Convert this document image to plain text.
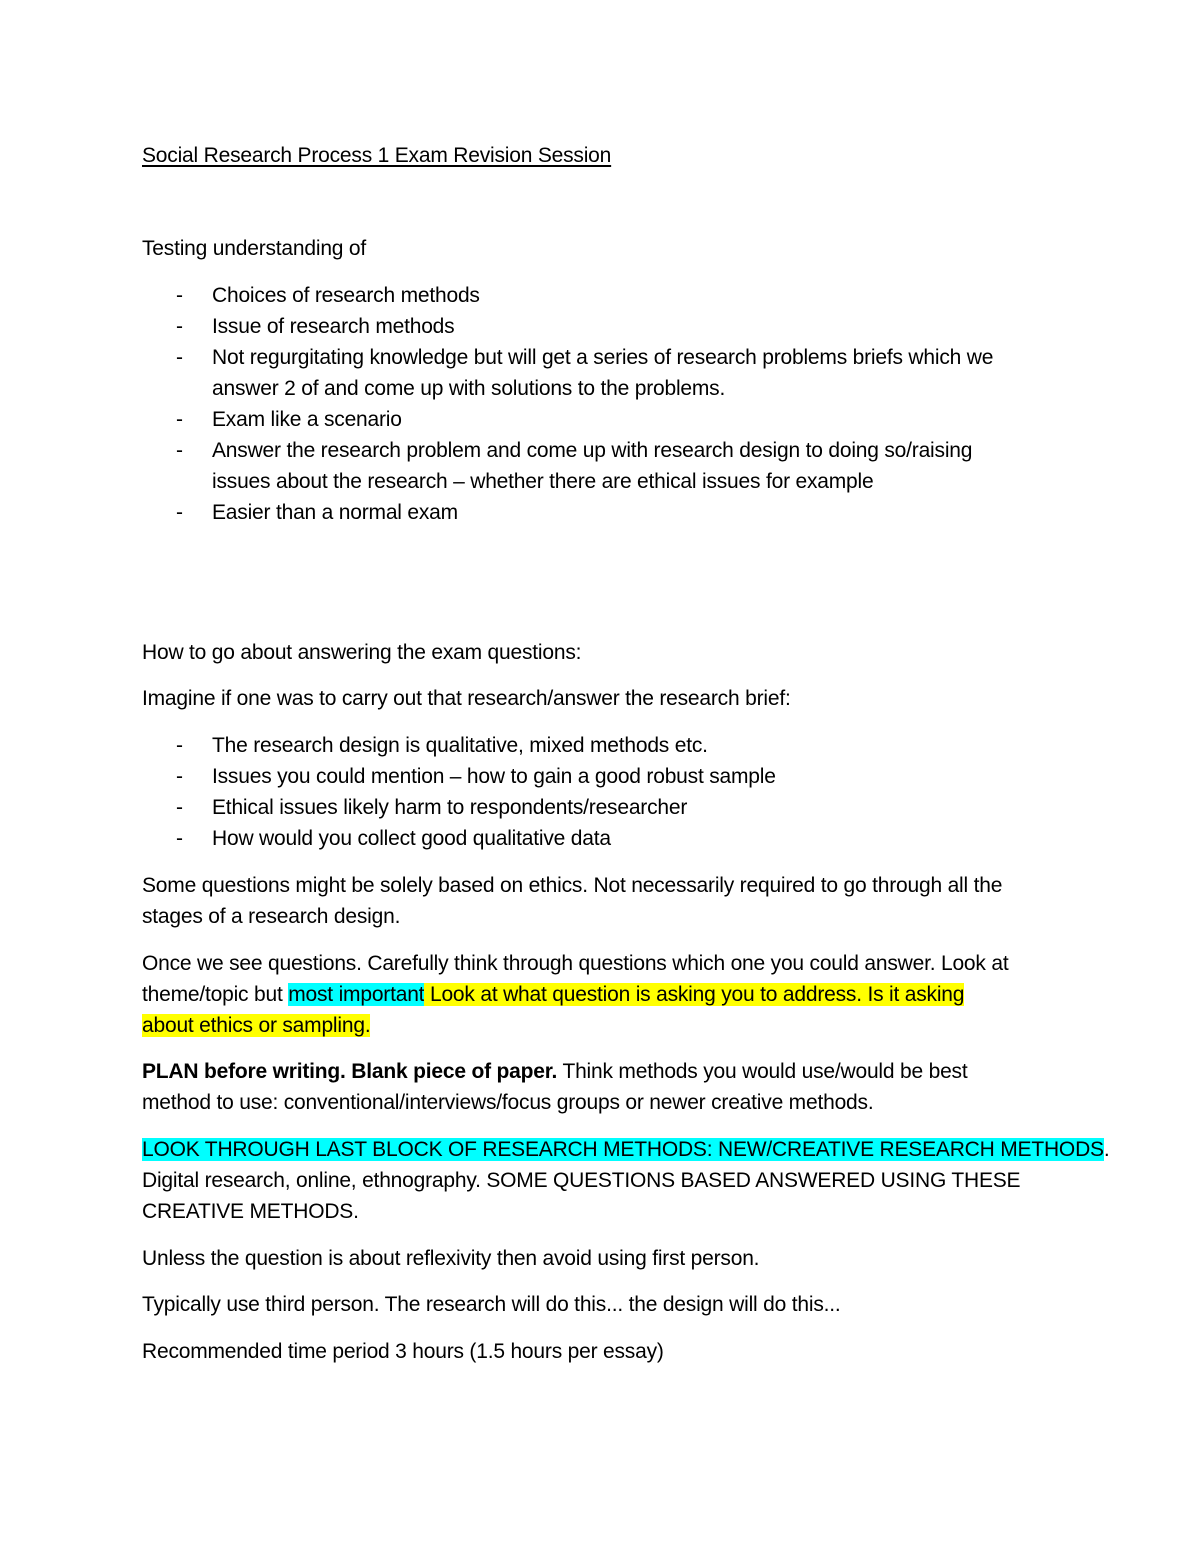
Social Research Process 1 Exam Revision Session
Testing understanding of
- Choices of research methods
- Issue of research methods
- Not regurgitating knowledge but will get a series of research problems briefs which we
answer 2 of and come up with solutions to the problems.
- Exam like a scenario
- Answer the research problem and come up with research design to doing so/raising
issues about the research – whether there are ethical issues for example
- Easier than a normal exam
How to go about answering the exam questions:
Imagine if one was to carry out that research/answer the research brief:
- The research design is qualitative, mixed methods etc.
- Issues you could mention – how to gain a good robust sample
- Ethical issues likely harm to respondents/researcher
- How would you collect good qualitative data
Some questions might be solely based on ethics. Not necessarily required to go through all the
stages of a research design.
Once we see questions. Carefully think through questions which one you could answer. Look at
theme/topic but most important Look at what question is asking you to address. Is it asking
about ethics or sampling.
PLAN before writing. Blank piece of paper. Think methods you would use/would be best
method to use: conventional/interviews/focus groups or newer creative methods.
LOOK THROUGH LAST BLOCK OF RESEARCH METHODS: NEW/CREATIVE RESEARCH METHODS.
Digital research, online, ethnography. SOME QUESTIONS BASED ANSWERED USING THESE
CREATIVE METHODS.
Unless the question is about reflexivity then avoid using first person.
Typically use third person. The research will do this... the design will do this...
Recommended time period 3 hours (1.5 hours per essay)
